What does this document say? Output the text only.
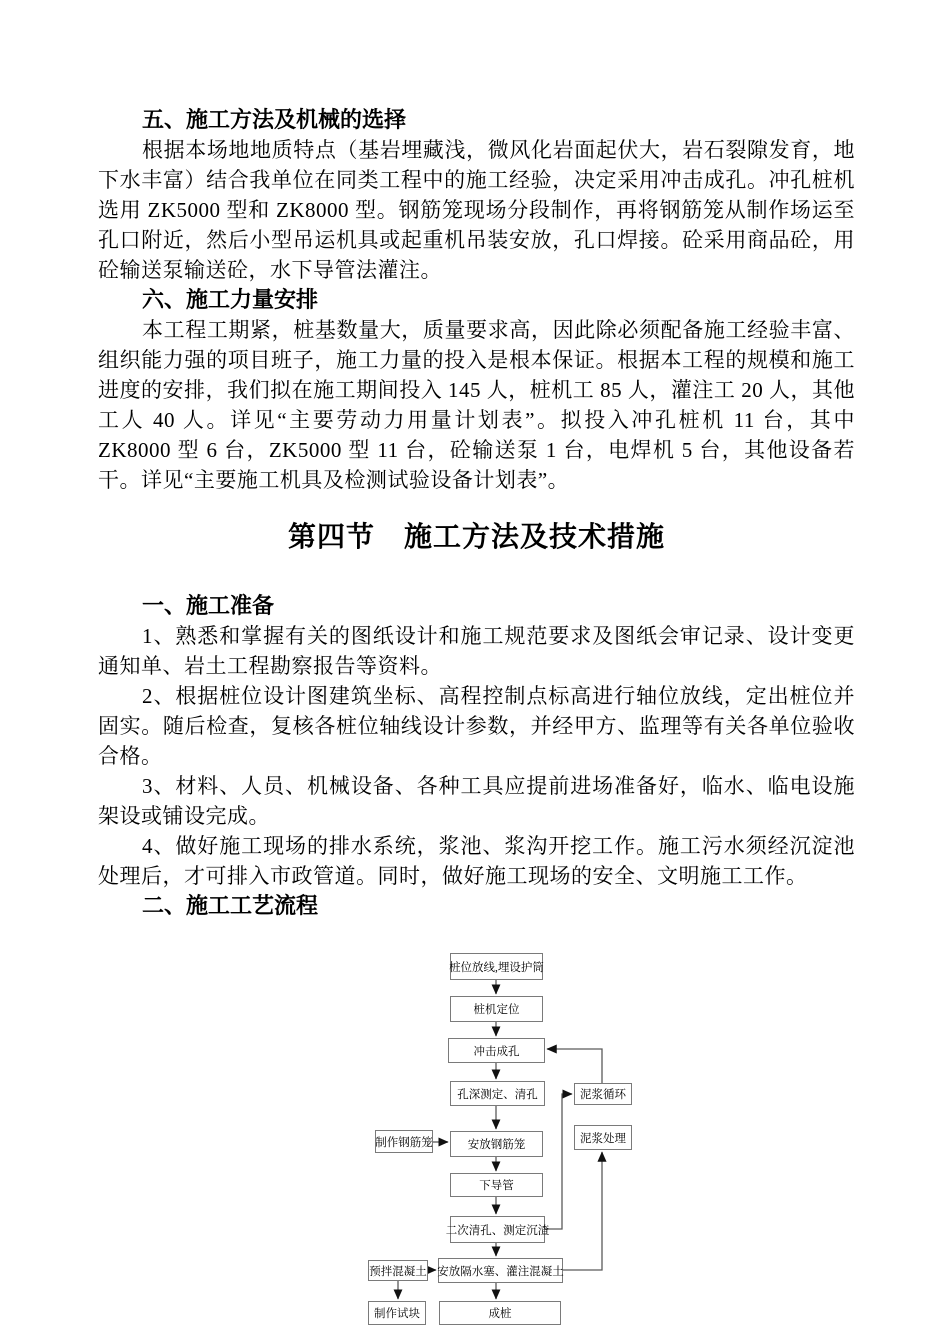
五、施工方法及机械的选择

根据本场地地质特点（基岩埋藏浅，微风化岩面起伏大，岩石裂隙发育，地下水丰富）结合我单位在同类工程中的施工经验，决定采用冲击成孔。冲孔桩机选用 ZK5000 型和 ZK8000 型。钢筋笼现场分段制作，再将钢筋笼从制作场运至孔口附近，然后小型吊运机具或起重机吊装安放，孔口焊接。砼采用商品砼，用砼输送泵输送砼，水下导管法灌注。

六、施工力量安排

本工程工期紧，桩基数量大，质量要求高，因此除必须配备施工经验丰富、组织能力强的项目班子，施工力量的投入是根本保证。根据本工程的规模和施工进度的安排，我们拟在施工期间投入 145 人，桩机工 85 人，灌注工 20 人，其他工人 40 人。详见“主要劳动力用量计划表”。拟投入冲孔桩机 11 台，其中 ZK8000 型 6 台，ZK5000 型 11 台，砼输送泵 1 台，电焊机 5 台，其他设备若干。详见“主要施工机具及检测试验设备计划表”。

第四节　施工方法及技术措施
一、施工准备

1、熟悉和掌握有关的图纸设计和施工规范要求及图纸会审记录、设计变更通知单、岩土工程勘察报告等资料。

2、根据桩位设计图建筑坐标、高程控制点标高进行轴位放线，定出桩位并固实。随后检查，复核各桩位轴线设计参数，并经甲方、监理等有关各单位验收合格。

3、材料、人员、机械设备、各种工具应提前进场准备好，临水、临电设施架设或铺设完成。

4、做好施工现场的排水系统，浆池、浆沟开挖工作。施工污水须经沉淀池处理后，才可排入市政管道。同时，做好施工现场的安全、文明施工工作。

二、施工工艺流程
桩位放线,埋设护筒
桩机定位
冲击成孔
孔深测定、清孔	泥浆循环
泥浆处理
制作钢筋笼	安放钢筋笼
下导管
二次清孔、测定沉渣
预拌混凝土 安放隔水塞、灌注混凝土
制作试块	成桩
